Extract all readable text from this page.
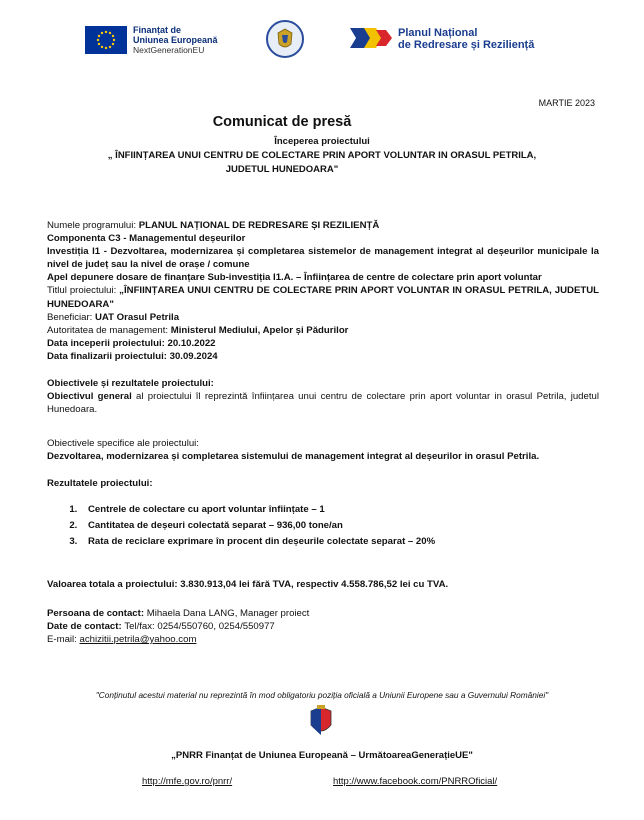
Finanțat de
Uniunea Europeană
NextGenerationEU
Planul Național
de Redresare și Reziliență
MARTIE 2023
Comunicat de presă
Începerea proiectului
„ ÎNFIINȚAREA UNUI CENTRU DE COLECTARE PRIN APORT VOLUNTAR IN ORASUL PETRILA,
JUDETUL HUNEDOARA"
Numele programului: PLANUL NAȚIONAL DE REDRESARE ȘI REZILIENȚĂ
Componenta C3 - Managementul deșeurilor
Investiția I1 - Dezvoltarea, modernizarea și completarea sistemelor de management integrat al deșeurilor municipale la nivel de județ sau la nivel de orașe / comune
Apel depunere dosare de finanțare Sub-investiția I1.A. – Înființarea de centre de colectare prin aport voluntar
Titlul proiectului: „ÎNFIINȚAREA UNUI CENTRU DE COLECTARE PRIN APORT VOLUNTAR IN ORASUL PETRILA, JUDETUL HUNEDOARA"
Beneficiar: UAT Orasul Petrila
Autoritatea de management: Ministerul Mediului, Apelor și Pădurilor
Data inceperii proiectului: 20.10.2022
Data finalizarii proiectului: 30.09.2024
Obiectivele și rezultatele proiectului:
Obiectivul general al proiectului îl reprezintă înființarea unui centru de colectare prin aport voluntar in orasul Petrila, judetul Hunedoara.
Obiectivele specifice ale proiectului:
Dezvoltarea, modernizarea și completarea sistemului de management integrat al deșeurilor in orasul Petrila.
Rezultatele proiectului:
1. Centrele de colectare cu aport voluntar înființate – 1
2. Cantitatea de deșeuri colectată separat – 936,00 tone/an
3. Rata de reciclare exprimare în procent din deșeurile colectate separat – 20%
Valoarea totala a proiectului: 3.830.913,04 lei fără TVA, respectiv 4.558.786,52 lei cu TVA.
Persoana de contact: Mihaela Dana LANG, Manager proiect
Date de contact: Tel/fax: 0254/550760, 0254/550977
E-mail: achizitii.petrila@yahoo.com
"Conținutul acestui material nu reprezintă în mod obligatoriu poziția oficială a Uniunii Europene sau a Guvernului României"
„PNRR Finanțat de Uniunea Europeană – UrmătoareaGenerațieUE"
http://mfe.gov.ro/pnrr/	http://www.facebook.com/PNRROficial/
